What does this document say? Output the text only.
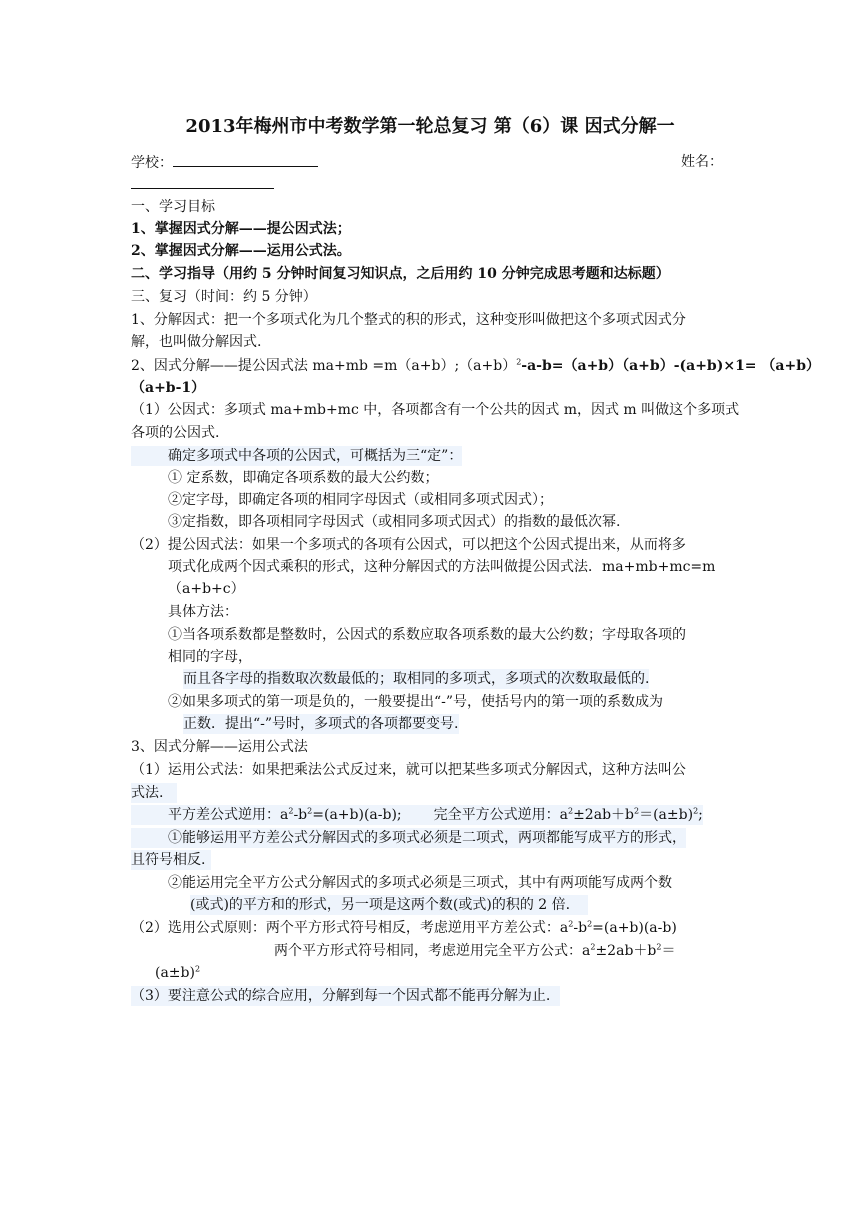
2013年梅州市中考数学第一轮总复习 第（6）课 因式分解一
学校：	姓名：
一、学习目标
1、掌握因式分解——提公因式法；
2、掌握因式分解——运用公式法。
二、学习指导（用约 5 分钟时间复习知识点，之后用约 10 分钟完成思考题和达标题）
三、复习（时间：约 5 分钟）
1、分解因式：把一个多项式化为几个整式的积的形式，这种变形叫做把这个多项式因式分
解，也叫做分解因式.
2、因式分解——提公因式法 $ma+mb =m(a+b);(a+b)^2-a-b=(a+b)(a+b)-(a+b)\times 1= (a+b)$
（a+b-1）
（1）公因式：多项式 ma+mb+mc 中，各项都含有一个公共的因式 m，因式 m 叫做这个多项式
各项的公因式.
确定多项式中各项的公因式，可概括为三“定”：
① 定系数，即确定各项系数的最大公约数；
②定字母，即确定各项的相同字母因式（或相同多项式因式）；
③定指数，即各项相同字母因式（或相同多项式因式）的指数的最低次幂.
（2）提公因式法：如果一个多项式的各项有公因式，可以把这个公因式提出来，从而将多
项式化成两个因式乘积的形式，这种分解因式的方法叫做提公因式法．ma+mb+mc=m
（a+b+c）
具体方法：
①当各项系数都是整数时，公因式的系数应取各项系数的最大公约数；字母取各项的
相同的字母，
而且各字母的指数取次数最低的；取相同的多项式，多项式的次数取最低的.
②如果多项式的第一项是负的，一般要提出“-”号，使括号内的第一项的系数成为
正数．提出“-”号时，多项式的各项都要变号.
3、因式分解——运用公式法
（1）运用公式法：如果把乘法公式反过来，就可以把某些多项式分解因式，这种方法叫公
式法.
平方差公式逆用：$a^2-b^2=(a+b)(a-b)$; 完全平方公式逆用：$a^2\pm 2ab+b^2=(a\pm b)^2$;
①能够运用平方差公式分解因式的多项式必须是二项式，两项都能写成平方的形式，
且符号相反.
②能运用完全平方公式分解因式的多项式必须是三项式，其中有两项能写成两个数
(或式)的平方和的形式，另一项是这两个数(或式)的积的 2 倍.
（2）选用公式原则：两个平方形式符号相反，考虑逆用平方差公式：$a^2-b^2=(a+b)(a-b)$
两个平方形式符号相同，考虑逆用完全平方公式：$a^2\pm 2ab+b^2=$
$(a\pm b)^2$
（3）要注意公式的综合应用，分解到每一个因式都不能再分解为止.
